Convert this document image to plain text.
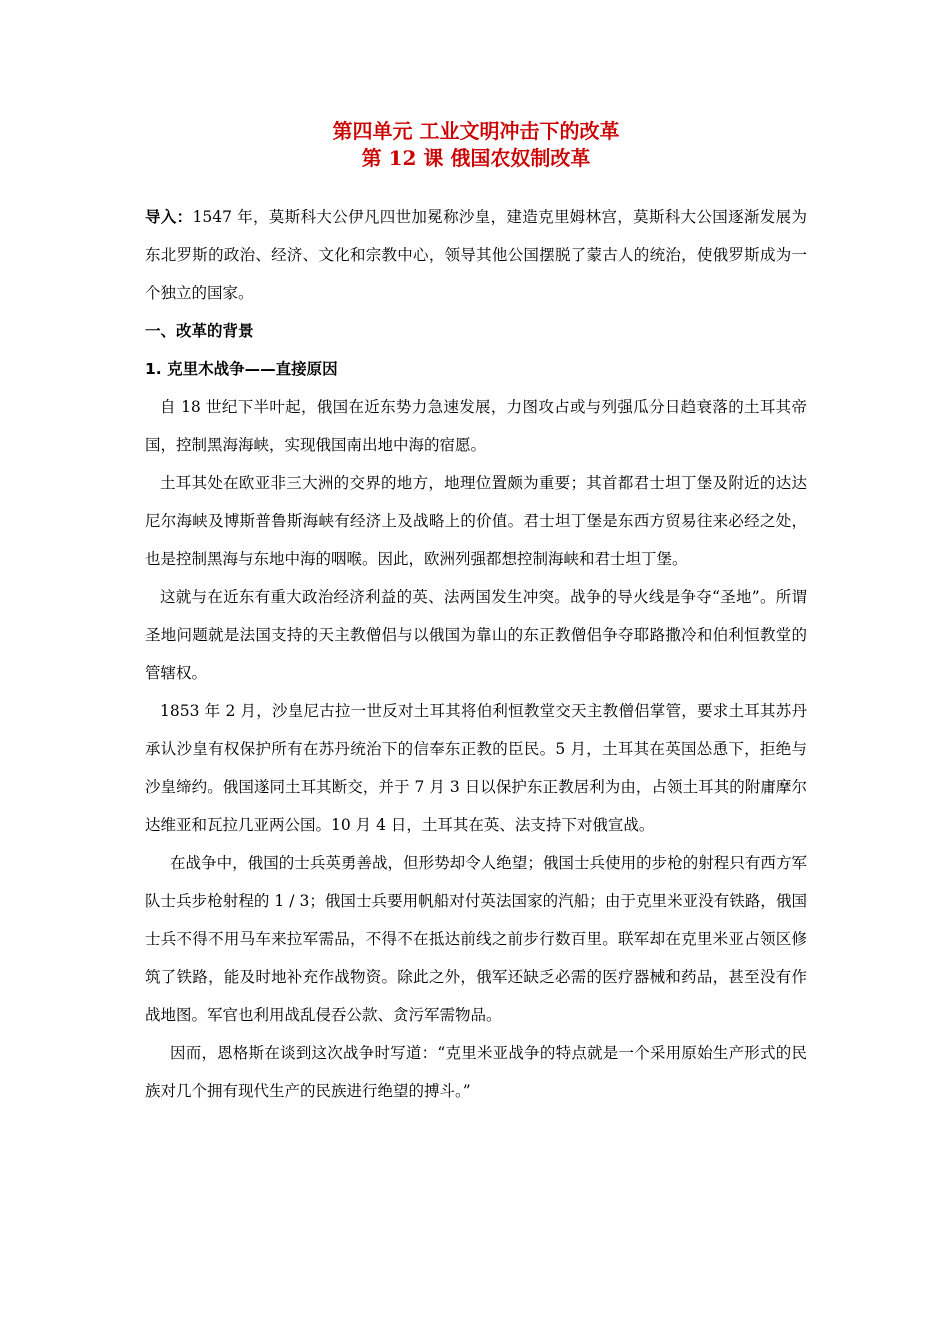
第四单元 工业文明冲击下的改革

第 12 课 俄国农奴制改革

导入：1547 年，莫斯科大公伊凡四世加冕称沙皇，建造克里姆林宫，莫斯科大公国逐渐发展为东北罗斯的政治、经济、文化和宗教中心，领导其他公国摆脱了蒙古人的统治，使俄罗斯成为一个独立的国家。

一、改革的背景

1. 克里木战争——直接原因

自 18 世纪下半叶起，俄国在近东势力急速发展，力图攻占或与列强瓜分日趋衰落的土耳其帝国，控制黑海海峡，实现俄国南出地中海的宿愿。

土耳其处在欧亚非三大洲的交界的地方，地理位置颇为重要；其首都君士坦丁堡及附近的达达尼尔海峡及博斯普鲁斯海峡有经济上及战略上的价值。君士坦丁堡是东西方贸易往来必经之处，也是控制黑海与东地中海的咽喉。因此，欧洲列强都想控制海峡和君士坦丁堡。

这就与在近东有重大政治经济利益的英、法两国发生冲突。战争的导火线是争夺“圣地”。所谓圣地问题就是法国支持的天主教僧侣与以俄国为靠山的东正教僧侣争夺耶路撒冷和伯利恒教堂的管辖权。

1853 年 2 月，沙皇尼古拉一世反对土耳其将伯利恒教堂交天主教僧侣掌管，要求土耳其苏丹承认沙皇有权保护所有在苏丹统治下的信奉东正教的臣民。5 月，土耳其在英国怂恿下，拒绝与沙皇缔约。俄国遂同土耳其断交，并于 7 月 3 日以保护东正教居利为由，占领土耳其的附庸摩尔达维亚和瓦拉几亚两公国。10 月 4 日，土耳其在英、法支持下对俄宣战。

在战争中，俄国的士兵英勇善战，但形势却令人绝望；俄国士兵使用的步枪的射程只有西方军队士兵步枪射程的 1 / 3；俄国士兵要用帆船对付英法国家的汽船；由于克里米亚没有铁路，俄国士兵不得不用马车来拉军需品，不得不在抵达前线之前步行数百里。联军却在克里米亚占领区修筑了铁路，能及时地补充作战物资。除此之外，俄军还缺乏必需的医疗器械和药品，甚至没有作战地图。军官也利用战乱侵吞公款、贪污军需物品。

因而，恩格斯在谈到这次战争时写道：“克里米亚战争的特点就是一个采用原始生产形式的民族对几个拥有现代生产的民族进行绝望的搏斗。”
